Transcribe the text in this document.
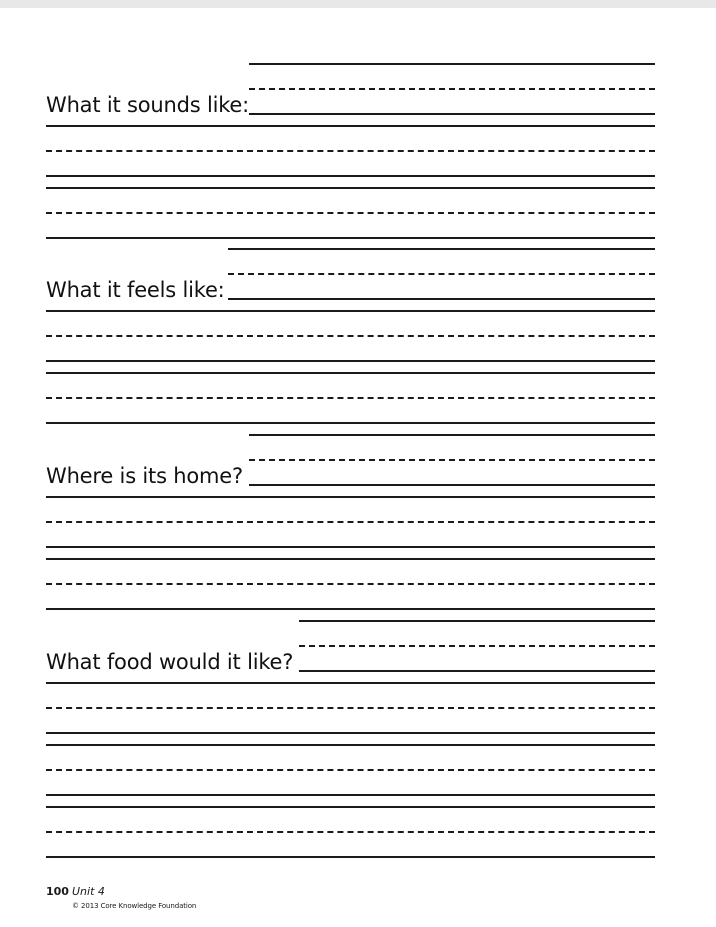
What it sounds like:
What it feels like:
Where is its home?
What food would it like?
100 Unit 4
© 2013 Core Knowledge Foundation
